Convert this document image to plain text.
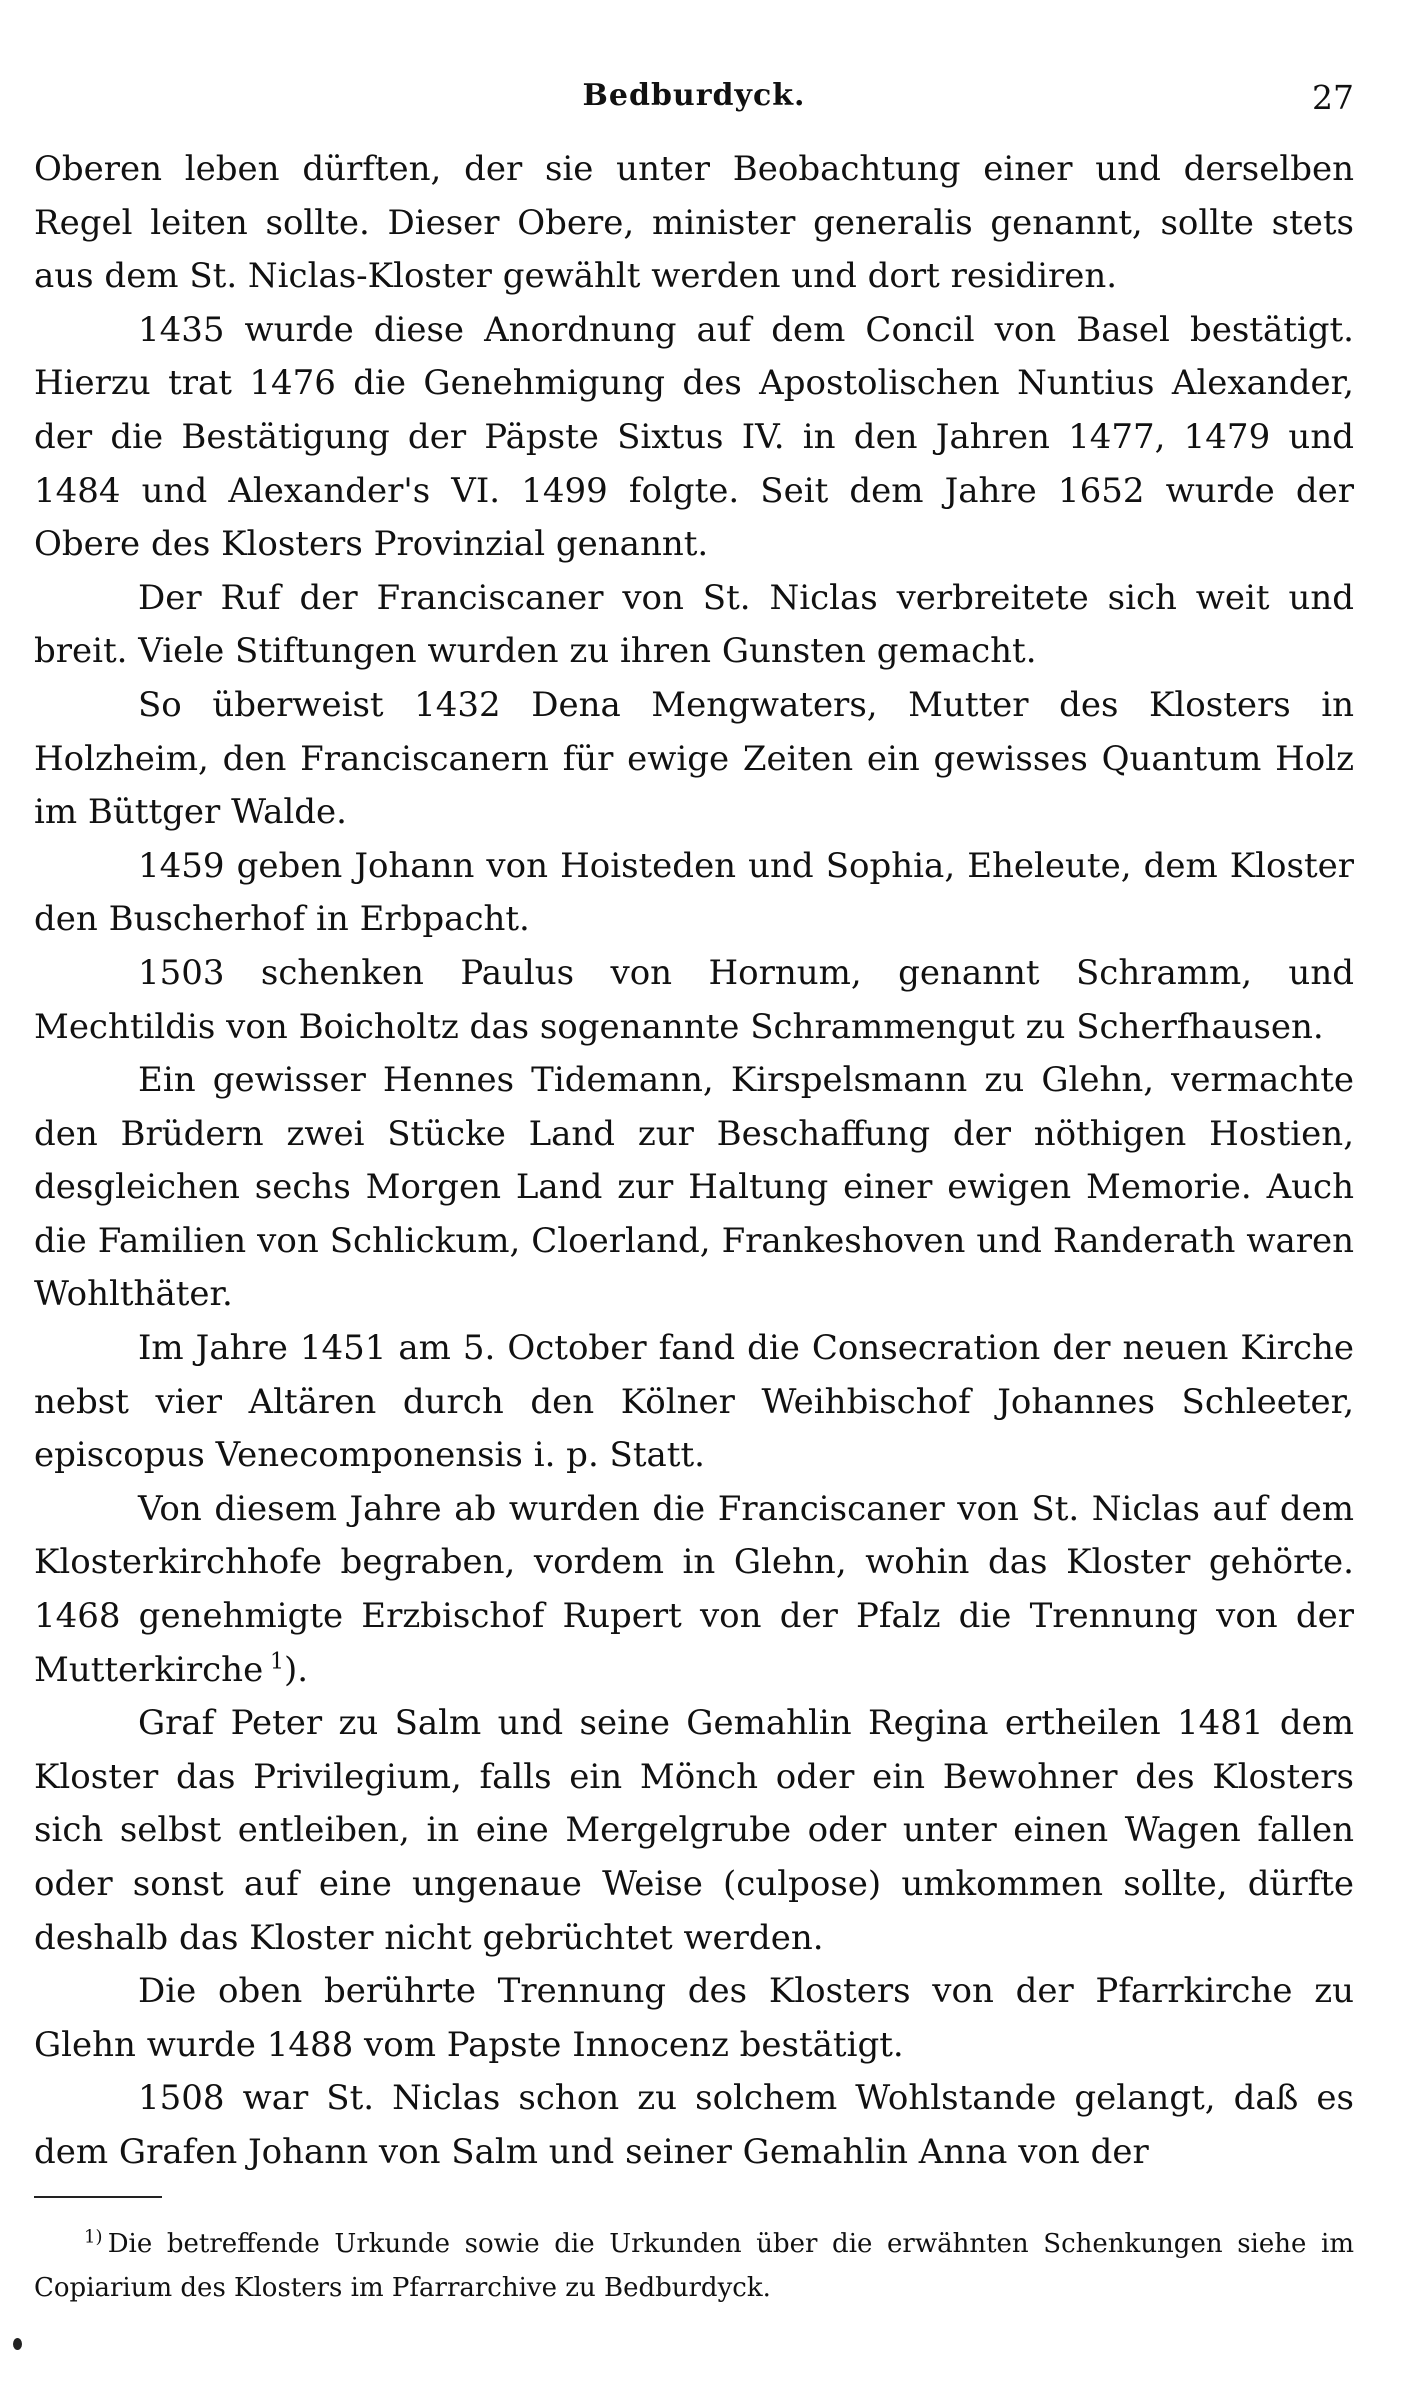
Bedburdyck.	27

Oberen leben dürften, der sie unter Beobachtung einer und derselben Regel leiten sollte. Dieser Obere, minister generalis genannt, sollte stets aus dem St. Niclas-Kloster gewählt werden und dort residiren.

1435 wurde diese Anordnung auf dem Concil von Basel bestätigt. Hierzu trat 1476 die Genehmigung des Apostolischen Nuntius Alexander, der die Bestätigung der Päpste Sixtus IV. in den Jahren 1477, 1479 und 1484 und Alexander's VI. 1499 folgte. Seit dem Jahre 1652 wurde der Obere des Klosters Provinzial genannt.

Der Ruf der Franciscaner von St. Niclas verbreitete sich weit und breit. Viele Stiftungen wurden zu ihren Gunsten gemacht.

So überweist 1432 Dena Mengwaters, Mutter des Klosters in Holzheim, den Franciscanern für ewige Zeiten ein gewisses Quantum Holz im Büttger Walde.

1459 geben Johann von Hoisteden und Sophia, Eheleute, dem Kloster den Buscherhof in Erbpacht.

1503 schenken Paulus von Hornum, genannt Schramm, und Mechtildis von Boicholtz das sogenannte Schrammengut zu Scherfhausen.

Ein gewisser Hennes Tidemann, Kirspelsmann zu Glehn, vermachte den Brüdern zwei Stücke Land zur Beschaffung der nöthigen Hostien, desgleichen sechs Morgen Land zur Haltung einer ewigen Memorie. Auch die Familien von Schlickum, Cloerland, Frankeshoven und Randerath waren Wohlthäter.

Im Jahre 1451 am 5. October fand die Consecration der neuen Kirche nebst vier Altären durch den Kölner Weihbischof Johannes Schleeter, episcopus Venecomponensis i. p. Statt.

Von diesem Jahre ab wurden die Franciscaner von St. Niclas auf dem Klosterkirchhofe begraben, vordem in Glehn, wohin das Kloster gehörte. 1468 genehmigte Erzbischof Rupert von der Pfalz die Trennung von der Mutterkirche  $^1$).

Graf Peter zu Salm und seine Gemahlin Regina ertheilen 1481 dem Kloster das Privilegium, falls ein Mönch oder ein Bewohner des Klosters sich selbst entleiben, in eine Mergelgrube oder unter einen Wagen fallen oder sonst auf eine ungenaue Weise (culpose) umkommen sollte, dürfte deshalb das Kloster nicht gebrüchtet werden.

Die oben berührte Trennung des Klosters von der Pfarrkirche zu Glehn wurde 1488 vom Papste Innocenz bestätigt.

1508 war St. Niclas schon zu solchem Wohlstande gelangt, daß es dem Grafen Johann von Salm und seiner Gemahlin Anna von der

$^{1)}$  Die betreffende Urkunde sowie die Urkunden über die erwähnten Schenkungen siehe im Copiarium des Klosters im Pfarrarchive zu Bedburdyck.
